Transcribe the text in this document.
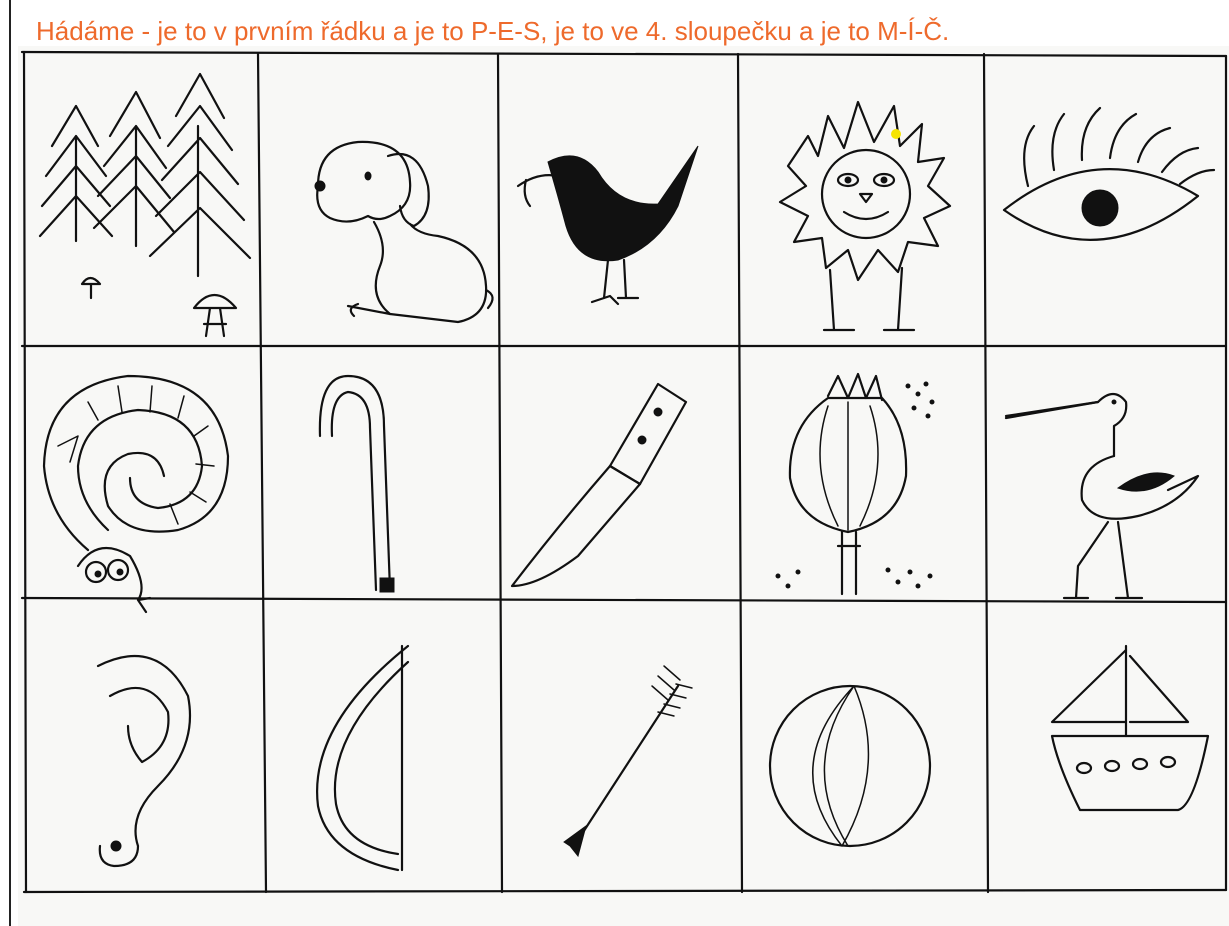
Hádáme - je to v prvním řádku a je to P-E-S, je to ve 4. sloupečku a je to M-Í-Č.
